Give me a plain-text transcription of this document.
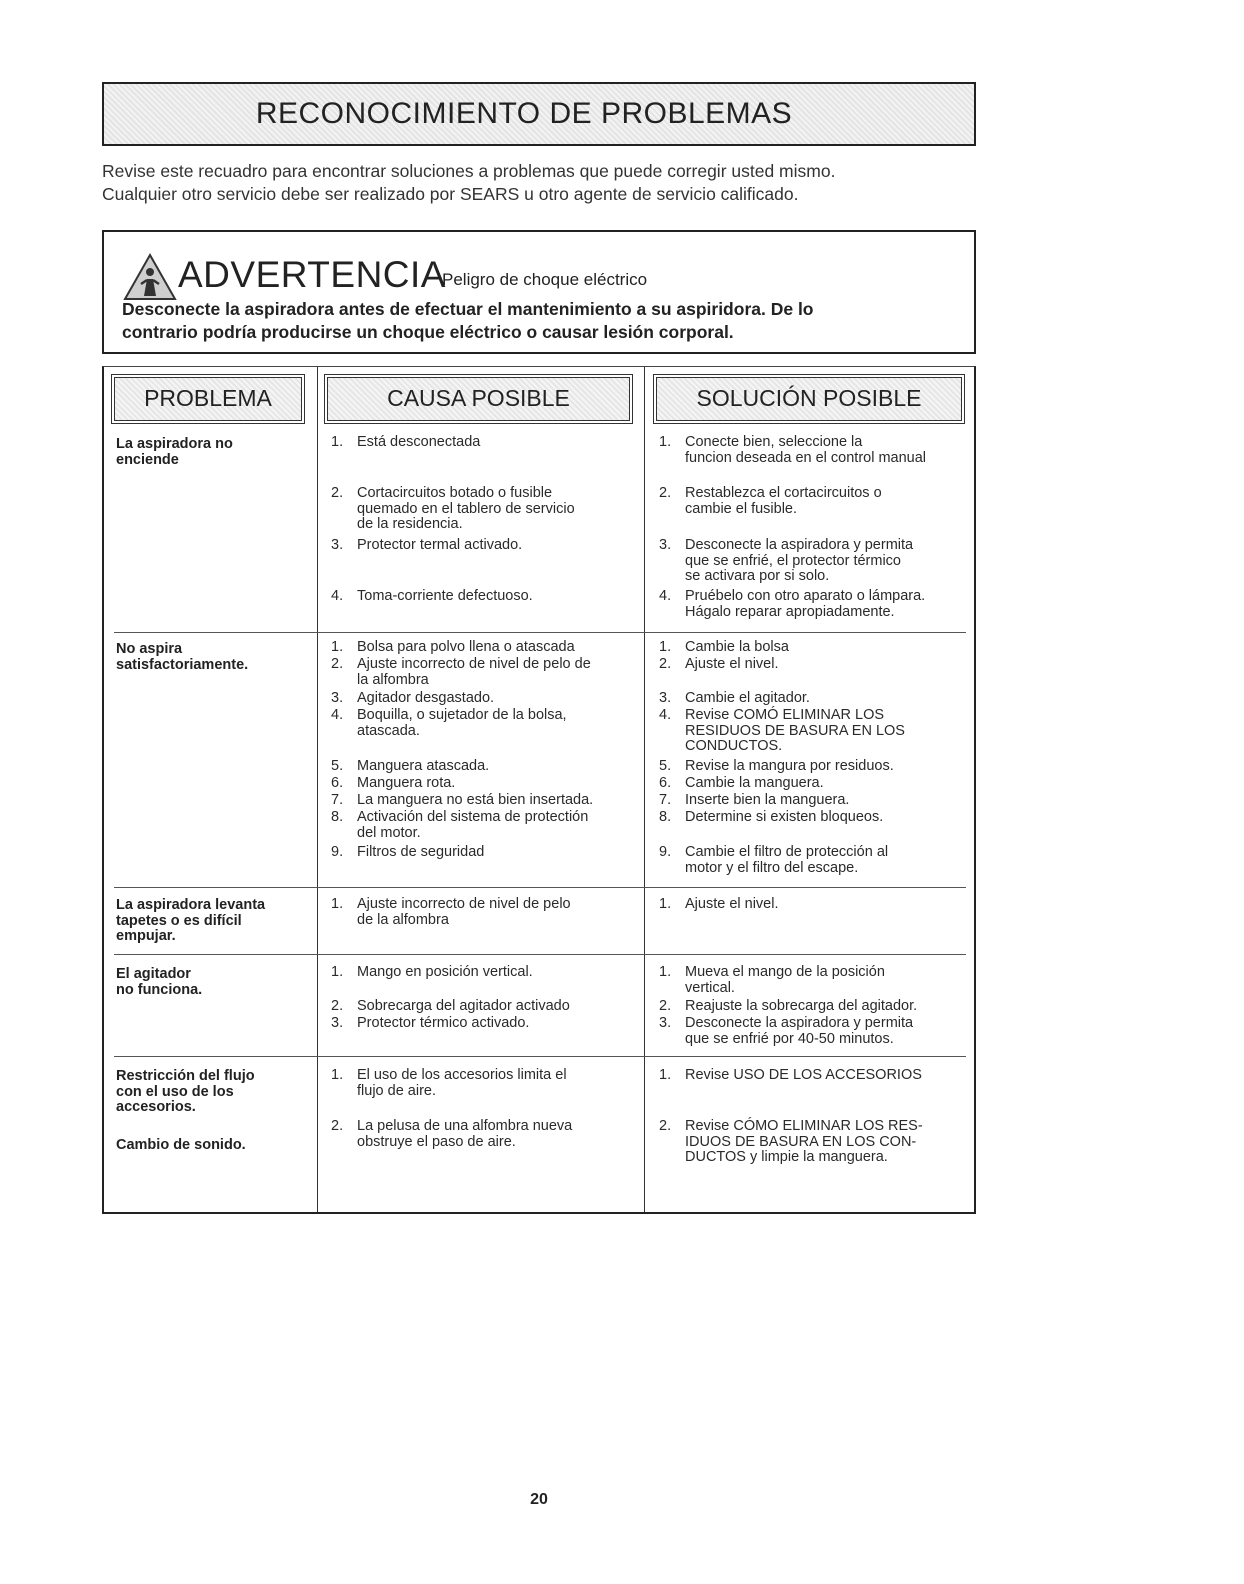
RECONOCIMIENTO DE PROBLEMAS
Revise este recuadro para encontrar soluciones a problemas que puede corregir usted mismo.
Cualquier otro servicio debe ser realizado por SEARS u otro agente de servicio calificado.
ADVERTENCIA
Peligro de choque eléctrico
Desconecte la aspiradora antes de efectuar el mantenimiento a su aspiridora. De lo
contrario podría producirse un choque eléctrico o causar lesión corporal.
PROBLEMA	CAUSA POSIBLE	SOLUCIÓN POSIBLE
La aspiradora no
enciende
No aspira
satisfactoriamente.
La aspiradora levanta
tapetes o es difícil
empujar.
El agitador
no funciona.
Restricción del flujo
con el uso de los
accesorios.
Cambio de sonido.
1. Está desconectada
2. Cortacircuitos botado o fusible
quemado en el tablero de servicio
de la residencia.
3. Protector termal activado.
4. Toma-corriente defectuoso.
1. Bolsa para polvo llena o atascada
2. Ajuste incorrecto de nivel de pelo de
la alfombra
3. Agitador desgastado.
4. Boquilla, o sujetador de la bolsa,
atascada.
5. Manguera atascada.
6. Manguera rota.
7. La manguera no está bien insertada.
8. Activación del sistema de protectión
del motor.
9. Filtros de seguridad
1. Ajuste incorrecto de nivel de pelo
de la alfombra
1. Mango en posición vertical.
2. Sobrecarga del agitador activado
3. Protector térmico activado.
1. El uso de los accesorios limita el
flujo de aire.
2. La pelusa de una alfombra nueva
obstruye el paso de aire.
1. Conecte bien, seleccione la
funcion deseada en el control manual
2. Restablezca el cortacircuitos o
cambie el fusible.
3. Desconecte la aspiradora y permita
que se enfrié, el protector térmico
se activara por si solo.
4. Pruébelo con otro aparato o lámpara.
Hágalo reparar apropiadamente.
1. Cambie la bolsa
2. Ajuste el nivel.
3. Cambie el agitador.
4. Revise COMÓ ELIMINAR LOS
RESIDUOS DE BASURA EN LOS
CONDUCTOS.
5. Revise la mangura por residuos.
6. Cambie la manguera.
7. Inserte bien la manguera.
8. Determine si existen bloqueos.
9. Cambie el filtro de protección al
motor y el filtro del escape.
1. Ajuste el nivel.
1. Mueva el mango de la posición
vertical.
2. Reajuste la sobrecarga del agitador.
3. Desconecte la aspiradora y permita
que se enfrié por 40-50 minutos.
1. Revise USO DE LOS ACCESORIOS
2. Revise CÓMO ELIMINAR LOS RES-
IDUOS DE BASURA EN LOS CON-
DUCTOS y limpie la manguera.
20
